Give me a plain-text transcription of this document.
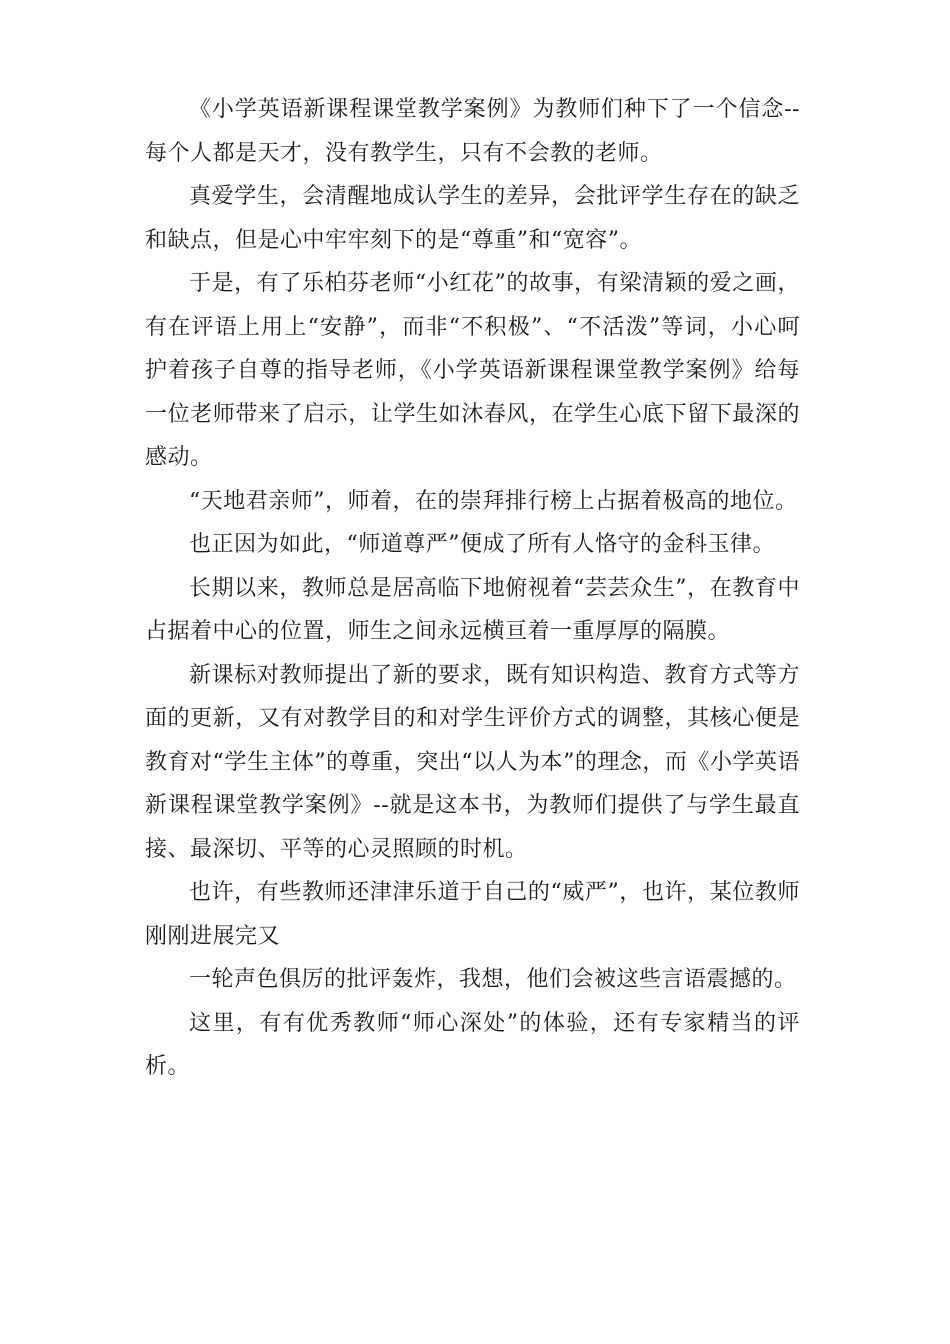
《小学英语新课程课堂教学案例》为教师们种下了一个信念--每个人都是天才，没有教学生，只有不会教的老师。

真爱学生，会清醒地成认学生的差异，会批评学生存在的缺乏和缺点，但是心中牢牢刻下的是“尊重”和“宽容”。

于是，有了乐柏芬老师“小红花”的故事，有梁清颖的爱之画，有在评语上用上“安静”，而非“不积极”、“不活泼”等词，小心呵护着孩子自尊的指导老师，《小学英语新课程课堂教学案例》给每一位老师带来了启示，让学生如沐春风，在学生心底下留下最深的感动。

“天地君亲师”，师着，在的崇拜排行榜上占据着极高的地位。

也正因为如此，“师道尊严”便成了所有人恪守的金科玉律。

长期以来，教师总是居高临下地俯视着“芸芸众生”，在教育中占据着中心的位置，师生之间永远横亘着一重厚厚的隔膜。

新课标对教师提出了新的要求，既有知识构造、教育方式等方面的更新，又有对教学目的和对学生评价方式的调整，其核心便是教育对“学生主体”的尊重，突出“以人为本”的理念，而《小学英语新课程课堂教学案例》--就是这本书，为教师们提供了与学生最直接、最深切、平等的心灵照顾的时机。

也许，有些教师还津津乐道于自己的“威严”，也许，某位教师刚刚进展完又

一轮声色俱厉的批评轰炸，我想，他们会被这些言语震撼的。

这里，有有优秀教师“师心深处”的体验，还有专家精当的评析。
